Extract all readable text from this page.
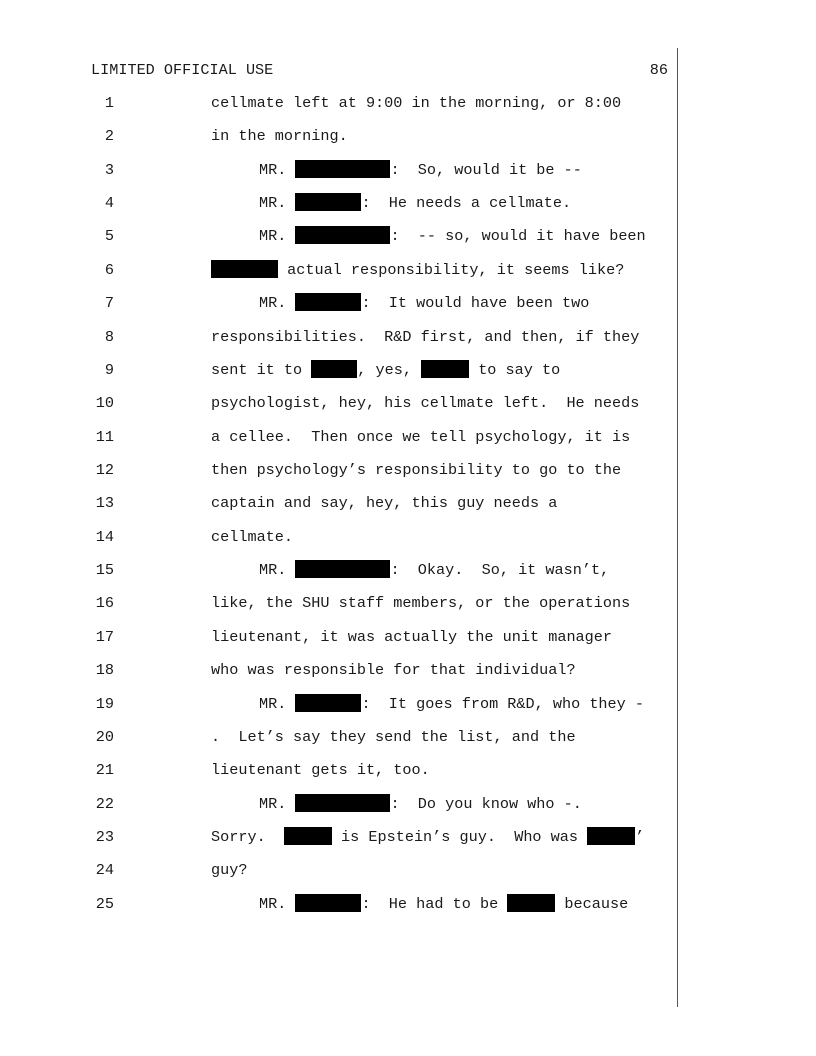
LIMITED OFFICIAL USE	86
1	cellmate left at 9:00 in the morning, or 8:00
2	in the morning.
3	MR.	:  So, would it be --
4	MR.	:  He needs a cellmate.
5	MR.	:  -- so, would it have been
6	actual responsibility, it seems like?
7	MR.	:  It would have been two
8	responsibilities.  R&D first, and then, if they
9	sent it to	, yes,	to say to
10	psychologist, hey, his cellmate left.  He needs
11	a cellee.  Then once we tell psychology, it is
12	then psychology’s responsibility to go to the
13	captain and say, hey, this guy needs a
14	cellmate.
15	MR.	:  Okay.  So, it wasn’t,
16	like, the SHU staff members, or the operations
17	lieutenant, it was actually the unit manager
18	who was responsible for that individual?
19	MR.	:  It goes from R&D, who they -
20	.  Let’s say they send the list, and the
21	lieutenant gets it, too.
22	MR.	:  Do you know who -.
23	Sorry.	is Epstein’s guy.  Who was	’
24	guy?
25	MR.	:  He had to be	because
